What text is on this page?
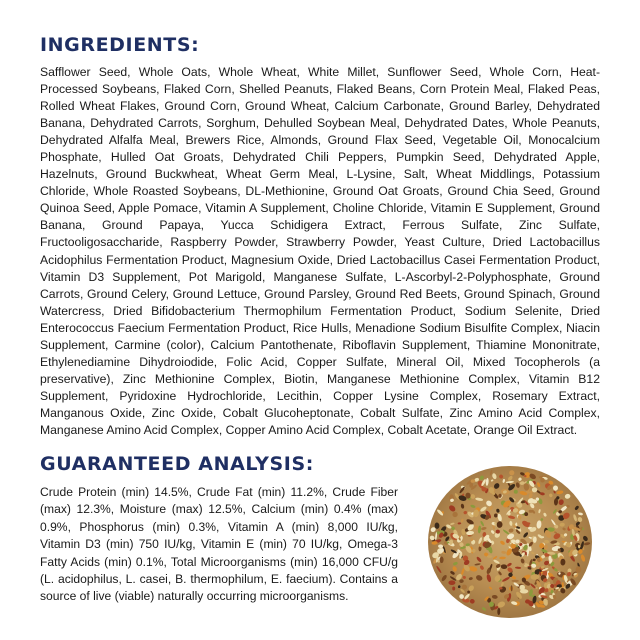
INGREDIENTS:

Safflower Seed, Whole Oats, Whole Wheat, White Millet, Sunflower Seed, Whole Corn, Heat-Processed Soybeans, Flaked Corn, Shelled Peanuts, Flaked Beans, Corn Protein Meal, Flaked Peas, Rolled Wheat Flakes, Ground Corn, Ground Wheat, Calcium Carbonate, Ground Barley, Dehydrated Banana, Dehydrated Carrots, Sorghum, Dehulled Soybean Meal, Dehydrated Dates, Whole Peanuts, Dehydrated Alfalfa Meal, Brewers Rice, Almonds, Ground Flax Seed, Vegetable Oil, Monocalcium Phosphate, Hulled Oat Groats, Dehydrated Chili Peppers, Pumpkin Seed, Dehydrated Apple, Hazelnuts, Ground Buckwheat, Wheat Germ Meal, L-Lysine, Salt, Wheat Middlings, Potassium Chloride, Whole Roasted Soybeans, DL-Methionine, Ground Oat Groats, Ground Chia Seed, Ground Quinoa Seed, Apple Pomace, Vitamin A Supplement, Choline Chloride, Vitamin E Supplement, Ground Banana, Ground Papaya, Yucca Schidigera Extract, Ferrous Sulfate, Zinc Sulfate, Fructooligosaccharide, Raspberry Powder, Strawberry Powder, Yeast Culture, Dried Lactobacillus Acidophilus Fermentation Product, Magnesium Oxide, Dried Lactobacillus Casei Fermentation Product, Vitamin D3 Supplement, Pot Marigold, Manganese Sulfate, L-Ascorbyl-2-Polyphosphate, Ground Carrots, Ground Celery, Ground Lettuce, Ground Parsley, Ground Red Beets, Ground Spinach, Ground Watercress, Dried Bifidobacterium Thermophilum Fermentation Product, Sodium Selenite, Dried Enterococcus Faecium Fermentation Product, Rice Hulls, Menadione Sodium Bisulfite Complex, Niacin Supplement, Carmine (color), Calcium Pantothenate, Riboflavin Supplement, Thiamine Mononitrate, Ethylenediamine Dihydroiodide, Folic Acid, Copper Sulfate, Mineral Oil, Mixed Tocopherols (a preservative), Zinc Methionine Complex, Biotin, Manganese Methionine Complex, Vitamin B12 Supplement, Pyridoxine Hydrochloride, Lecithin, Copper Lysine Complex, Rosemary Extract, Manganous Oxide, Zinc Oxide, Cobalt Glucoheptonate, Cobalt Sulfate, Zinc Amino Acid Complex, Manganese Amino Acid Complex, Copper Amino Acid Complex, Cobalt Acetate, Orange Oil Extract.

GUARANTEED ANALYSIS:

Crude Protein (min) 14.5%, Crude Fat (min) 11.2%, Crude Fiber (max) 12.3%, Moisture (max) 12.5%, Calcium (min) 0.4% (max) 0.9%, Phosphorus (min) 0.3%, Vitamin A (min) 8,000 IU/kg, Vitamin D3 (min) 750 IU/kg, Vitamin E (min) 70 IU/kg, Omega-3 Fatty Acids (min) 0.1%, Total Microorganisms (min) 16,000 CFU/g (L. acidophilus, L. casei, B. thermophilum, E. faecium). Contains a source of live (viable) naturally occurring microorganisms.
